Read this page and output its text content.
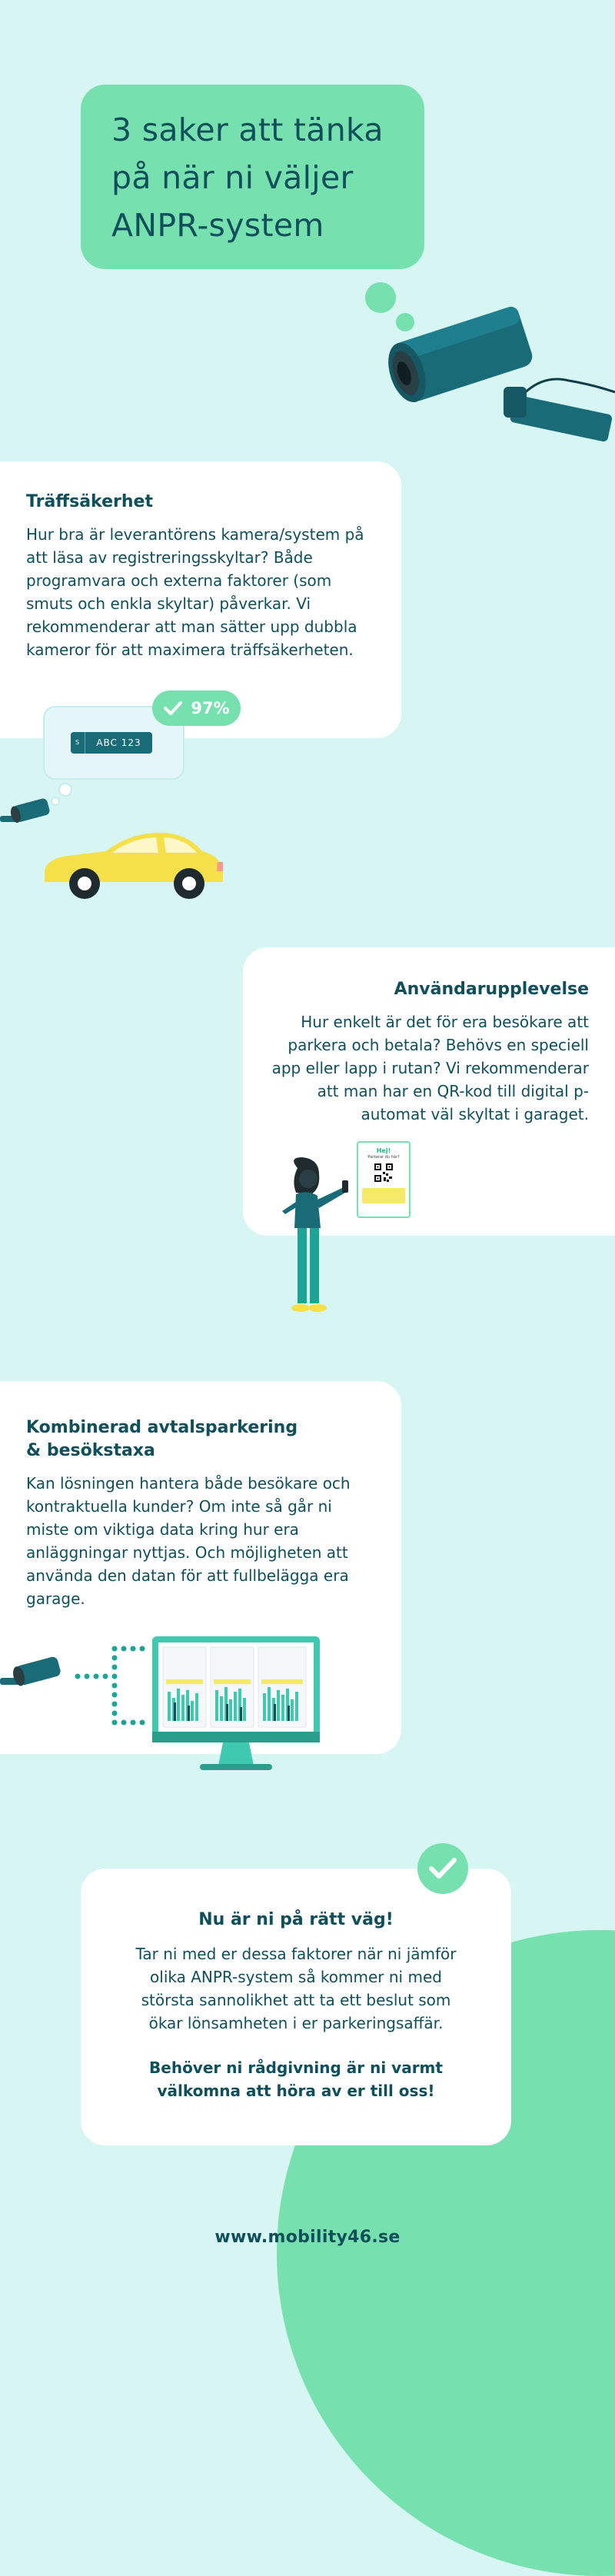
3 saker att tänka
på när ni väljer
ANPR-system
Träffsäkerhet

Hur bra är leverantörens kamera/system på att läsa av registreringsskyltar? Både programvara och externa faktorer (som smuts och enkla skyltar) påverkar. Vi rekommenderar att man sätter upp dubbla kameror för att maximera träffsäkerheten.

S	ABC 123
97%
Användarupplevelse

Hur enkelt är det för era besökare att parkera och betala? Behövs en speciell app eller lapp i rutan? Vi rekommenderar att man har en QR-kod till digital p-automat väl skyltat i garaget.

Hej!
Parkerar du här?
Kombinerad avtalsparkering
& besökstaxa

Kan lösningen hantera både besökare och kontraktuella kunder? Om inte så går ni miste om viktiga data kring hur era anläggningar nyttjas. Och möjligheten att använda den datan för att fullbelägga era garage.

Nu är ni på rätt väg!

Tar ni med er dessa faktorer när ni jämför olika ANPR-system så kommer ni med största sannolikhet att ta ett beslut som ökar lönsamheten i er parkeringsaffär.

Behöver ni rådgivning är ni varmt välkomna att höra av er till oss!

www.mobility46.se
